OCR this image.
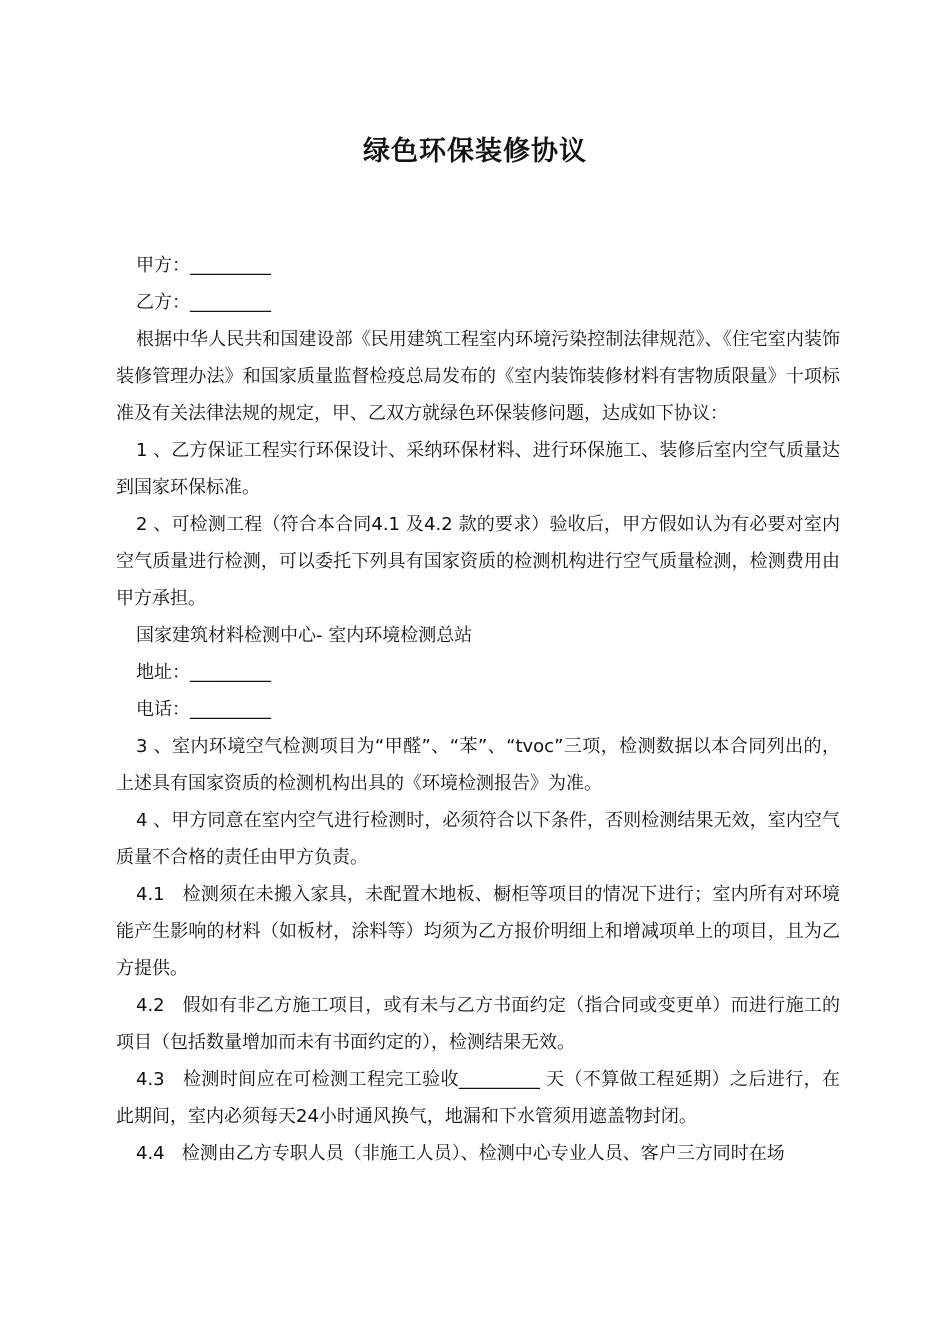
绿色环保装修协议

甲方：_________

乙方：_________

根据中华人民共和国建设部《民用建筑工程室内环境污染控制法律规范》、《住宅室内装饰装修管理办法》和国家质量监督检疫总局发布的《室内装饰装修材料有害物质限量》十项标准及有关法律法规的规定，甲、乙双方就绿色环保装修问题，达成如下协议：

1 、乙方保证工程实行环保设计、采纳环保材料、进行环保施工、装修后室内空气质量达到国家环保标准。

2 、可检测工程（符合本合同4.1 及4.2 款的要求）验收后，甲方假如认为有必要对室内空气质量进行检测，可以委托下列具有国家资质的检测机构进行空气质量检测，检测费用由甲方承担。

国家建筑材料检测中心- 室内环境检测总站

地址：_________

电话：_________

3 、室内环境空气检测项目为“甲醛”、“苯”、“tvoc”三项，检测数据以本合同列出的，上述具有国家资质的检测机构出具的《环境检测报告》为准。

4 、甲方同意在室内空气进行检测时，必须符合以下条件，否则检测结果无效，室内空气质量不合格的责任由甲方负责。

4.1   检测须在未搬入家具，未配置木地板、橱柜等项目的情况下进行；室内所有对环境能产生影响的材料（如板材，涂料等）均须为乙方报价明细上和增减项单上的项目，且为乙方提供。

4.2   假如有非乙方施工项目，或有未与乙方书面约定（指合同或变更单）而进行施工的项目（包括数量增加而未有书面约定的），检测结果无效。

4.3   检测时间应在可检测工程完工验收_________ 天（不算做工程延期）之后进行，在此期间，室内必须每天24小时通风换气，地漏和下水管须用遮盖物封闭。

4.4   检测由乙方专职人员（非施工人员）、检测中心专业人员、客户三方同时在场
